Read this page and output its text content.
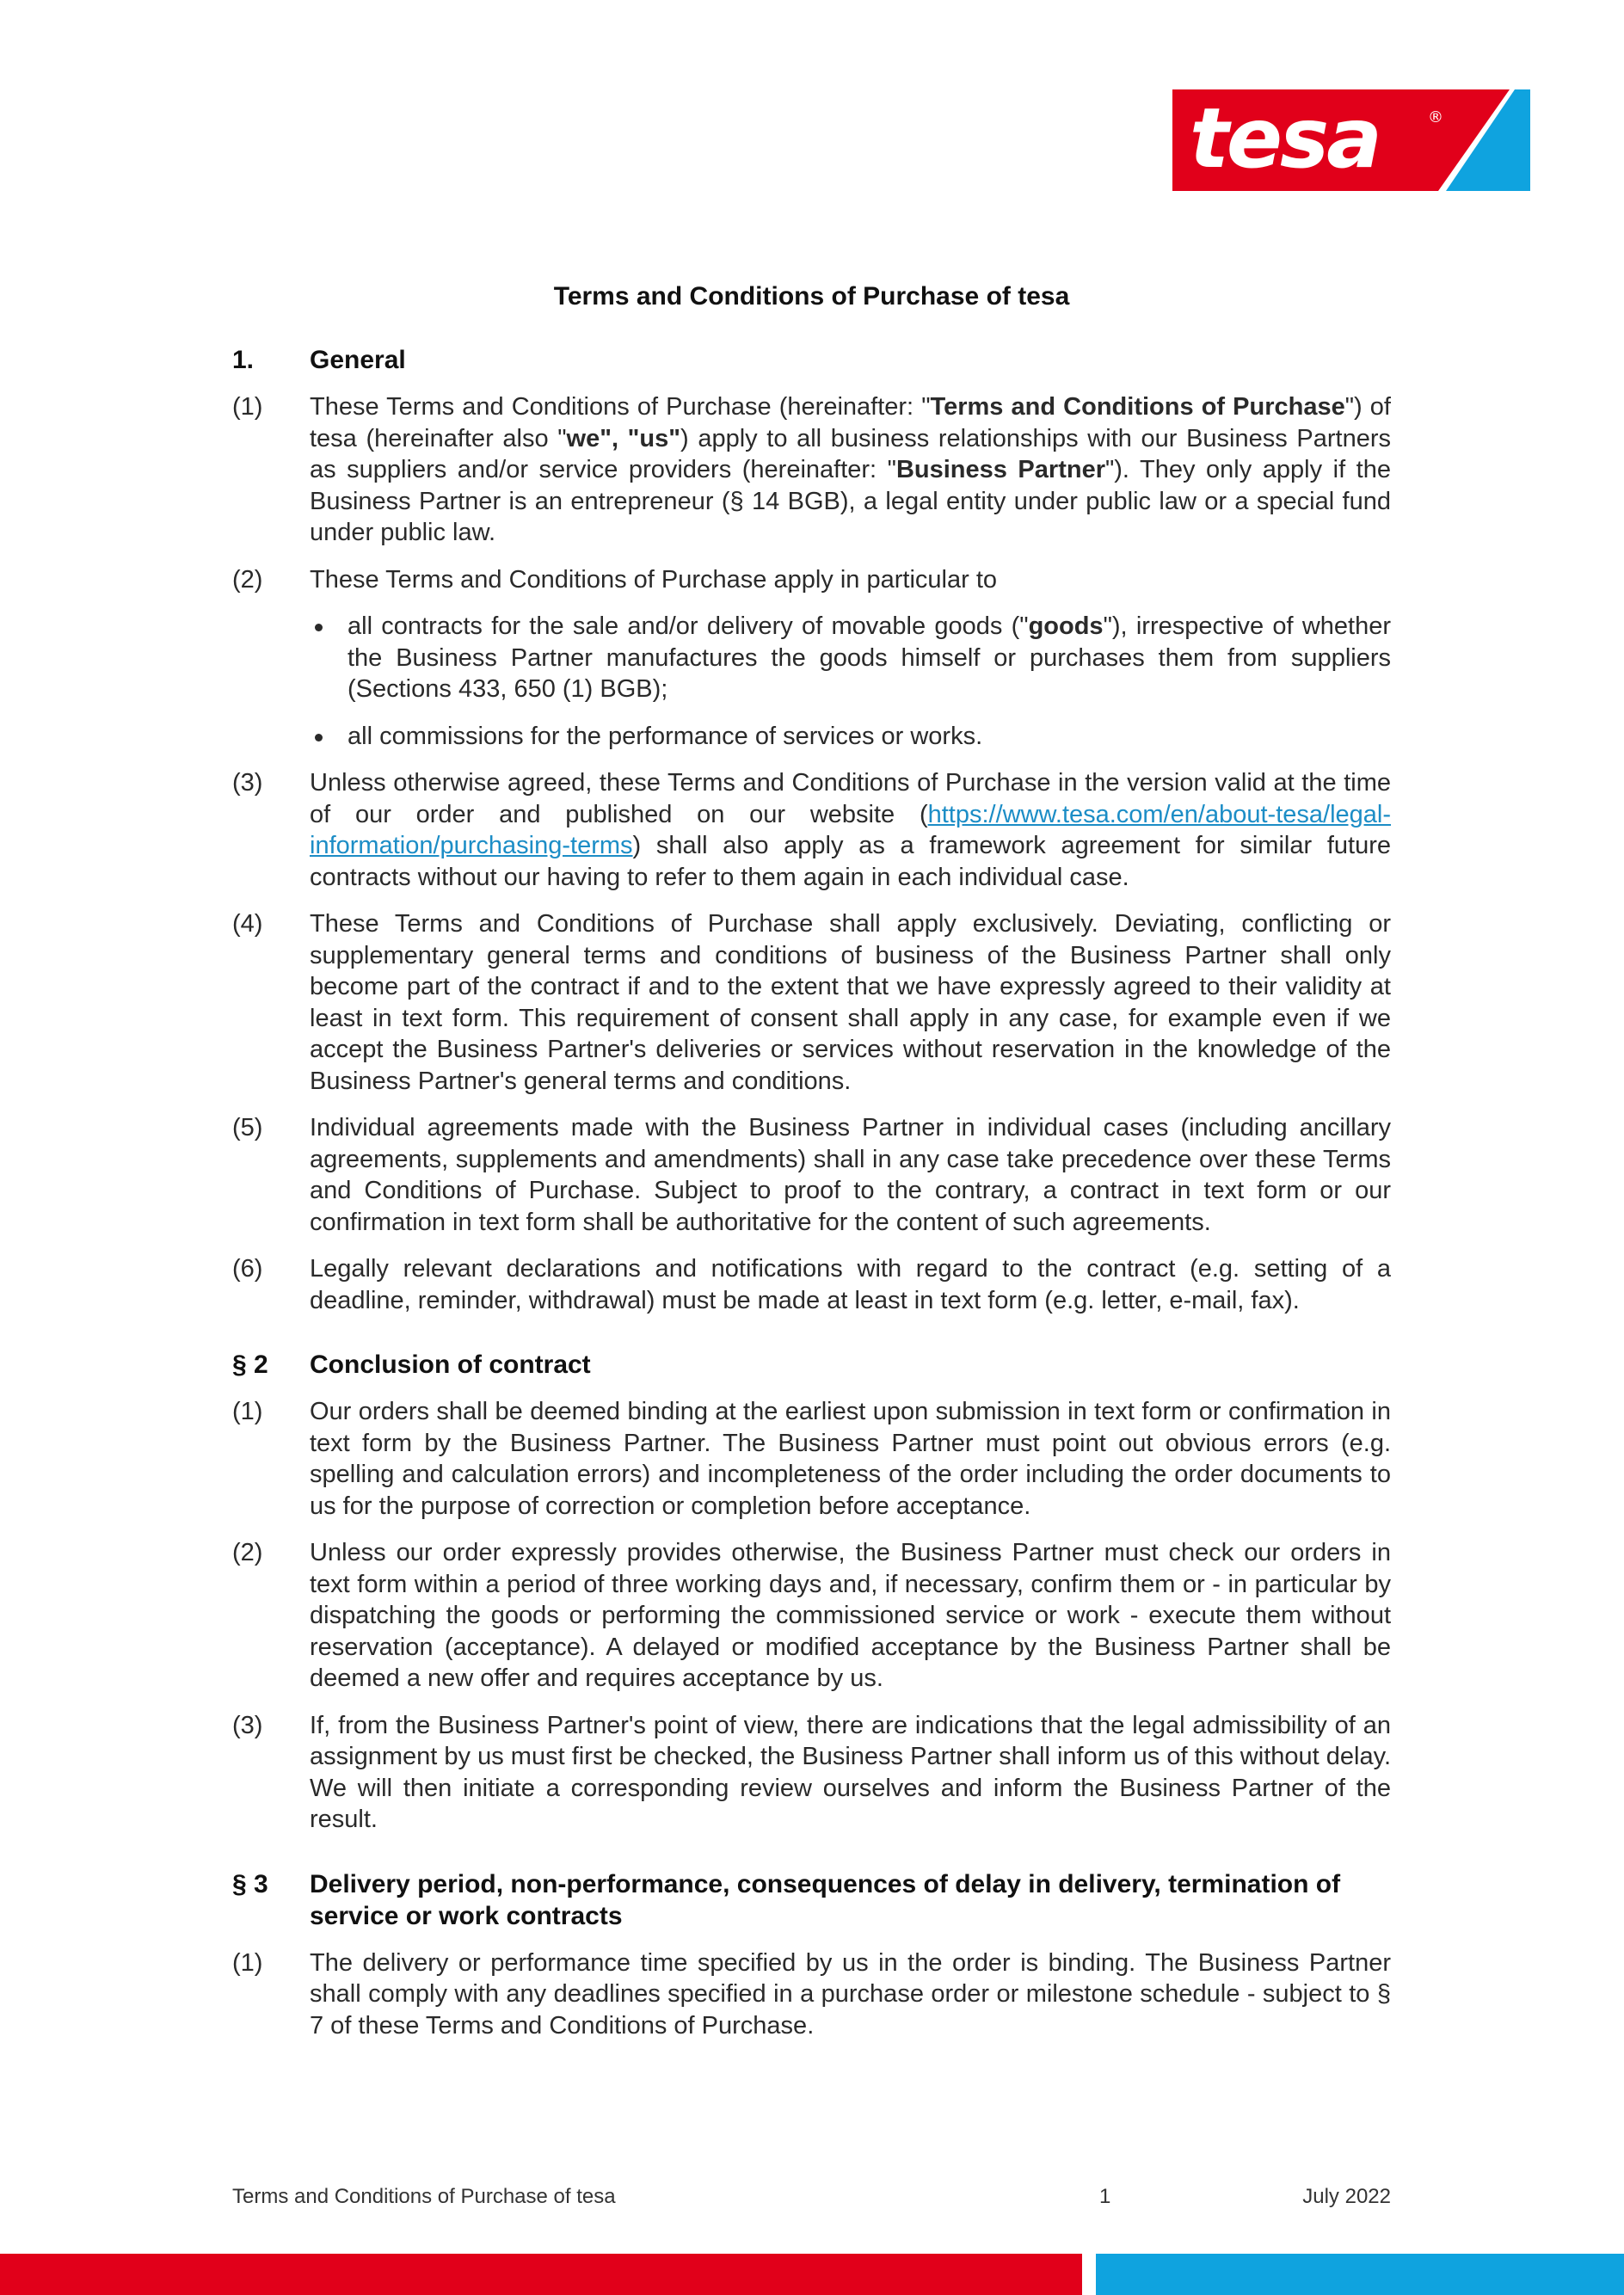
tesa	®
Terms and Conditions of Purchase of tesa
1. General
(1) These Terms and Conditions of Purchase (hereinafter: "Terms and Conditions of Purchase") of tesa (hereinafter also "we", "us") apply to all business relationships with our Business Partners as suppliers and/or service providers (hereinafter: "Business Partner"). They only apply if the Business Partner is an entrepreneur (§ 14 BGB), a legal entity under public law or a special fund under public law.
(2) These Terms and Conditions of Purchase apply in particular to
all contracts for the sale and/or delivery of movable goods ("goods"), irrespective of whether the Business Partner manufactures the goods himself or purchases them from suppliers (Sections 433, 650 (1) BGB);
all commissions for the performance of services or works.
(3) Unless otherwise agreed, these Terms and Conditions of Purchase in the version valid at the time of our order and published on our website (https://www.tesa.com/en/about-tesa/legal-information/purchasing-terms) shall also apply as a framework agreement for similar future contracts without our having to refer to them again in each individual case.
(4) These Terms and Conditions of Purchase shall apply exclusively. Deviating, conflicting or supplementary general terms and conditions of business of the Business Partner shall only become part of the contract if and to the extent that we have expressly agreed to their validity at least in text form. This requirement of consent shall apply in any case, for example even if we accept the Business Partner's deliveries or services without reservation in the knowledge of the Business Partner's general terms and conditions.
(5) Individual agreements made with the Business Partner in individual cases (including ancillary agreements, supplements and amendments) shall in any case take precedence over these Terms and Conditions of Purchase. Subject to proof to the contrary, a contract in text form or our confirmation in text form shall be authoritative for the content of such agreements.
(6) Legally relevant declarations and notifications with regard to the contract (e.g. setting of a deadline, reminder, withdrawal) must be made at least in text form (e.g. letter, e-mail, fax).
§ 2 Conclusion of contract
(1) Our orders shall be deemed binding at the earliest upon submission in text form or confirmation in text form by the Business Partner. The Business Partner must point out obvious errors (e.g. spelling and calculation errors) and incompleteness of the order including the order documents to us for the purpose of correction or completion before acceptance.
(2) Unless our order expressly provides otherwise, the Business Partner must check our orders in text form within a period of three working days and, if necessary, confirm them or - in particular by dispatching the goods or performing the commissioned service or work - execute them without reservation (acceptance). A delayed or modified acceptance by the Business Partner shall be deemed a new offer and requires acceptance by us.
(3) If, from the Business Partner's point of view, there are indications that the legal admissibility of an assignment by us must first be checked, the Business Partner shall inform us of this without delay. We will then initiate a corresponding review ourselves and inform the Business Partner of the result.
§ 3 Delivery period, non-performance, consequences of delay in delivery, termination of service or work contracts
(1) The delivery or performance time specified by us in the order is binding. The Business Partner shall comply with any deadlines specified in a purchase order or milestone schedule - subject to § 7 of these Terms and Conditions of Purchase.
Terms and Conditions of Purchase of tesa	1	July 2022
